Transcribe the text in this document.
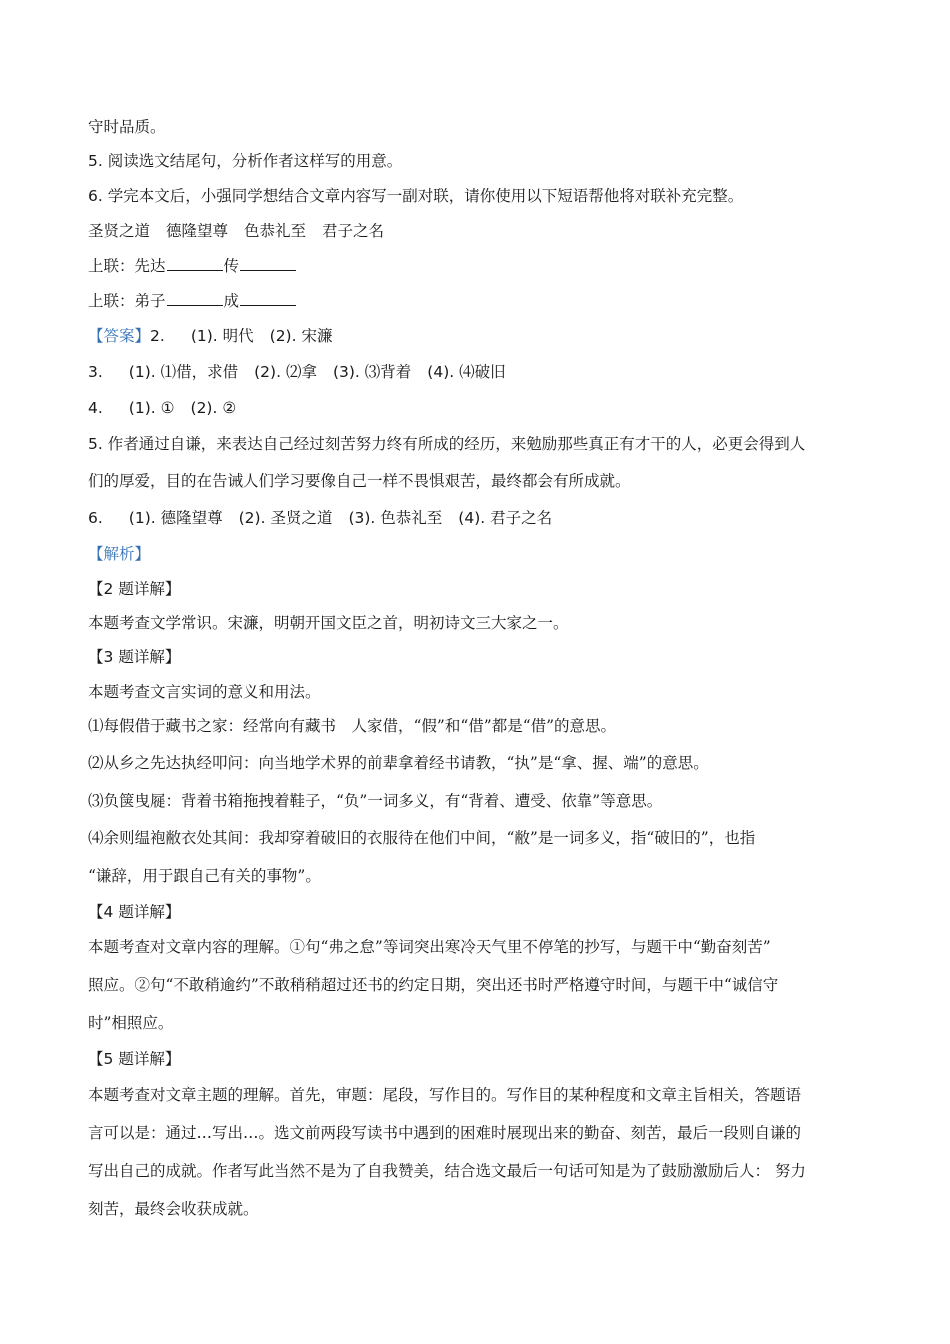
守时品质。
5. 阅读选文结尾句，分析作者这样写的用意。
6. 学完本文后，小强同学想结合文章内容写一副对联，请你使用以下短语帮他将对联补充完整。
圣贤之道 德隆望尊 色恭礼至 君子之名
上联：先达	传
上联：弟子	成
【答案】2. (1). 明代 (2). 宋濂
3. (1). ⑴借，求借 (2). ⑵拿 (3). ⑶背着 (4). ⑷破旧
4. (1). ① (2). ②
5. 作者通过自谦，来表达自己经过刻苦努力终有所成的经历，来勉励那些真正有才干的人，必更会得到人
们的厚爱，目的在告诫人们学习要像自己一样不畏惧艰苦，最终都会有所成就。
6. (1). 德隆望尊 (2). 圣贤之道 (3). 色恭礼至 (4). 君子之名
【解析】
【2 题详解】
本题考查文学常识。宋濂，明朝开国文臣之首，明初诗文三大家之一。
【3 题详解】
本题考查文言实词的意义和用法。
⑴每假借于藏书之家：经常向有藏书　人家借，“假”和“借”都是“借”的意思。
⑵从乡之先达执经叩问：向当地学术界的前辈拿着经书请教，“执”是“拿、握、端”的意思。
⑶负箧曳屣：背着书箱拖拽着鞋子，“负”一词多义，有“背着、遭受、依靠”等意思。
⑷余则缊袍敝衣处其间：我却穿着破旧的衣服待在他们中间，“敝”是一词多义，指“破旧的”，也指
“谦辞，用于跟自己有关的事物”。
【4 题详解】
本题考查对文章内容的理解。①句“弗之怠”等词突出寒冷天气里不停笔的抄写，与题干中“勤奋刻苦”
照应。②句“不敢稍逾约”不敢稍稍超过还书的约定日期，突出还书时严格遵守时间，与题干中“诚信守
时”相照应。
【5 题详解】
本题考查对文章主题的理解。首先，审题：尾段，写作目的。写作目的某种程度和文章主旨相关，答题语
言可以是：通过…写出…。选文前两段写读书中遇到的困难时展现出来的勤奋、刻苦，最后一段则自谦的
写出自己的成就。作者写此当然不是为了自我赞美，结合选文最后一句话可知是为了鼓励激励后人： 努力
刻苦，最终会收获成就。
